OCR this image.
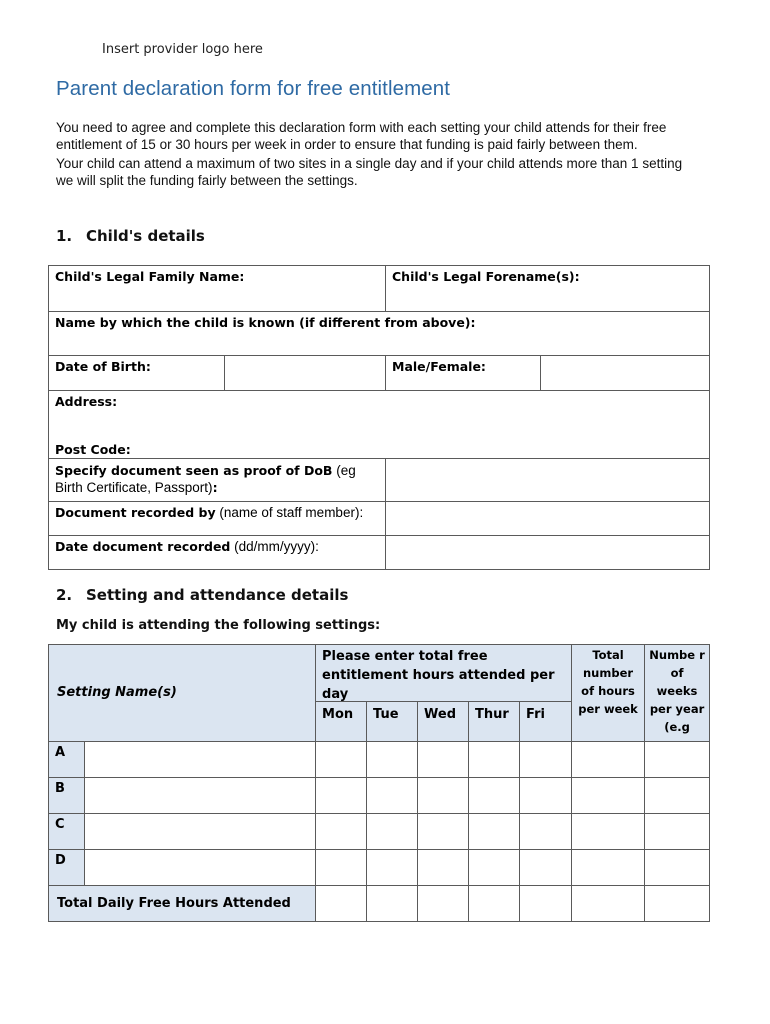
Insert provider logo here
Parent declaration form for free entitlement

You need to agree and complete this declaration form with each setting your child attends for their free entitlement of 15 or 30 hours per week in order to ensure that funding is paid fairly between them.

Your child can attend a maximum of two sites in a single day and if your child attends more than 1 setting we will split the funding fairly between the settings.

1. Child's details
Child's Legal Family Name:		Child's Legal Forename(s):	
Name by which the child is known (if different from above):			
Date of Birth:		Male/Female:	
Address:
Post Code:			

Specify document seen as proof of DoB (eg Birth Certificate, Passport):			

Document recorded by (name of staff member):			

Date document recorded (dd/mm/yyyy):			
2. Setting and attendance details
My child is attending the following settings:
Setting Name(s)		Please enter total free entitlement hours attended per day					Total number of hours per week	Numbe r of weeks per year (e.g

		Mon	Tue	Wed	Thur	Fri		
A								
B								
C								
D								
Total Daily Free Hours Attended								
